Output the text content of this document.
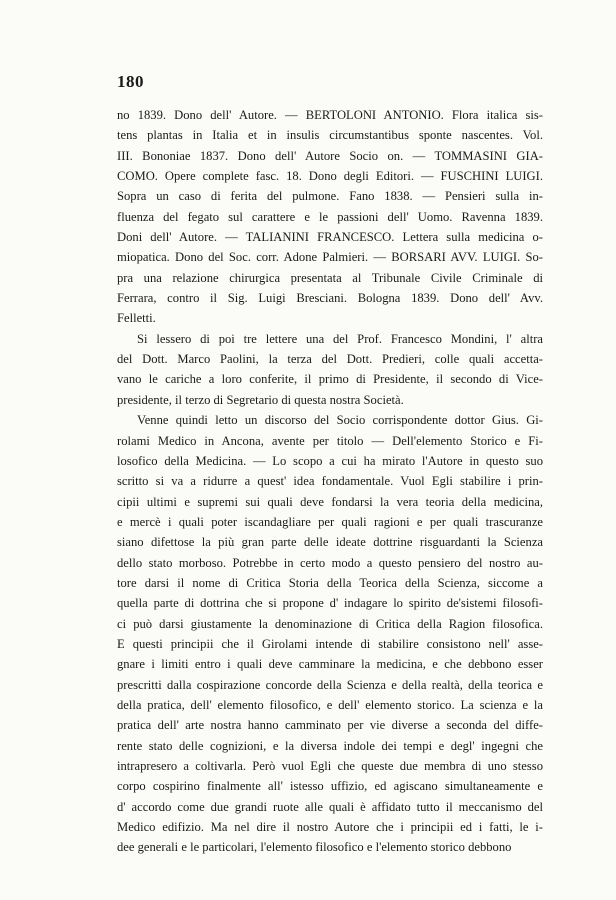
180
no 1839. Dono dell' Autore. — BERTOLONI ANTONIO. Flora italica sis-
tens plantas in Italia et in insulis circumstantibus sponte nascentes. Vol.
III. Bononiae 1837. Dono dell' Autore Socio on. — TOMMASINI GIA-
COMO. Opere complete fasc. 18. Dono degli Editori. — FUSCHINI LUIGI.
Sopra un caso di ferita del pulmone. Fano 1838. — Pensieri sulla in-
fluenza del fegato sul carattere e le passioni dell' Uomo. Ravenna 1839.
Doni dell' Autore. — TALIANINI FRANCESCO. Lettera sulla medicina o-
miopatica. Dono del Soc. corr. Adone Palmieri. — BORSARI AVV. LUIGI. So-
pra una relazione chirurgica presentata al Tribunale Civile Criminale di
Ferrara, contro il Sig. Luigi Bresciani. Bologna 1839. Dono dell' Avv.
Felletti.
Si lessero di poi tre lettere una del Prof. Francesco Mondini, l' altra
del Dott. Marco Paolini, la terza del Dott. Predieri, colle quali accetta-
vano le cariche a loro conferite, il primo di Presidente, il secondo di Vice-
presidente, il terzo di Segretario di questa nostra Società.
Venne quindi letto un discorso del Socio corrispondente dottor Gius. Gi-
rolami Medico in Ancona, avente per titolo — Dell'elemento Storico e Fi-
losofico della Medicina. — Lo scopo a cui ha mirato l'Autore in questo suo
scritto si va a ridurre a quest' idea fondamentale. Vuol Egli stabilire i prin-
cipii ultimi e supremi sui quali deve fondarsi la vera teoria della medicina,
e mercè i quali poter iscandagliare per quali ragioni e per quali trascuranze
siano difettose la più gran parte delle ideate dottrine risguardanti la Scienza
dello stato morboso. Potrebbe in certo modo a questo pensiero del nostro au-
tore darsi il nome di Critica Storia della Teorica della Scienza, siccome a
quella parte di dottrina che si propone d' indagare lo spirito de'sistemi filosofi-
ci può darsi giustamente la denominazione di Critica della Ragion filosofica.
E questi principii che il Girolami intende di stabilire consistono nell' asse-
gnare i limiti entro i quali deve camminare la medicina, e che debbono esser
prescritti dalla cospirazione concorde della Scienza e della realtà, della teorica e
della pratica, dell' elemento filosofico, e dell' elemento storico. La scienza e la
pratica dell' arte nostra hanno camminato per vie diverse a seconda del diffe-
rente stato delle cognizioni, e la diversa indole dei tempi e degl' ingegni che
intrapresero a coltivarla. Però vuol Egli che queste due membra di uno stesso
corpo cospirino finalmente all' istesso uffizio, ed agiscano simultaneamente e
d' accordo come due grandi ruote alle quali è affidato tutto il meccanismo del
Medico edifizio. Ma nel dire il nostro Autore che i principii ed i fatti, le i-
dee generali e le particolari, l'elemento filosofico e l'elemento storico debbono
